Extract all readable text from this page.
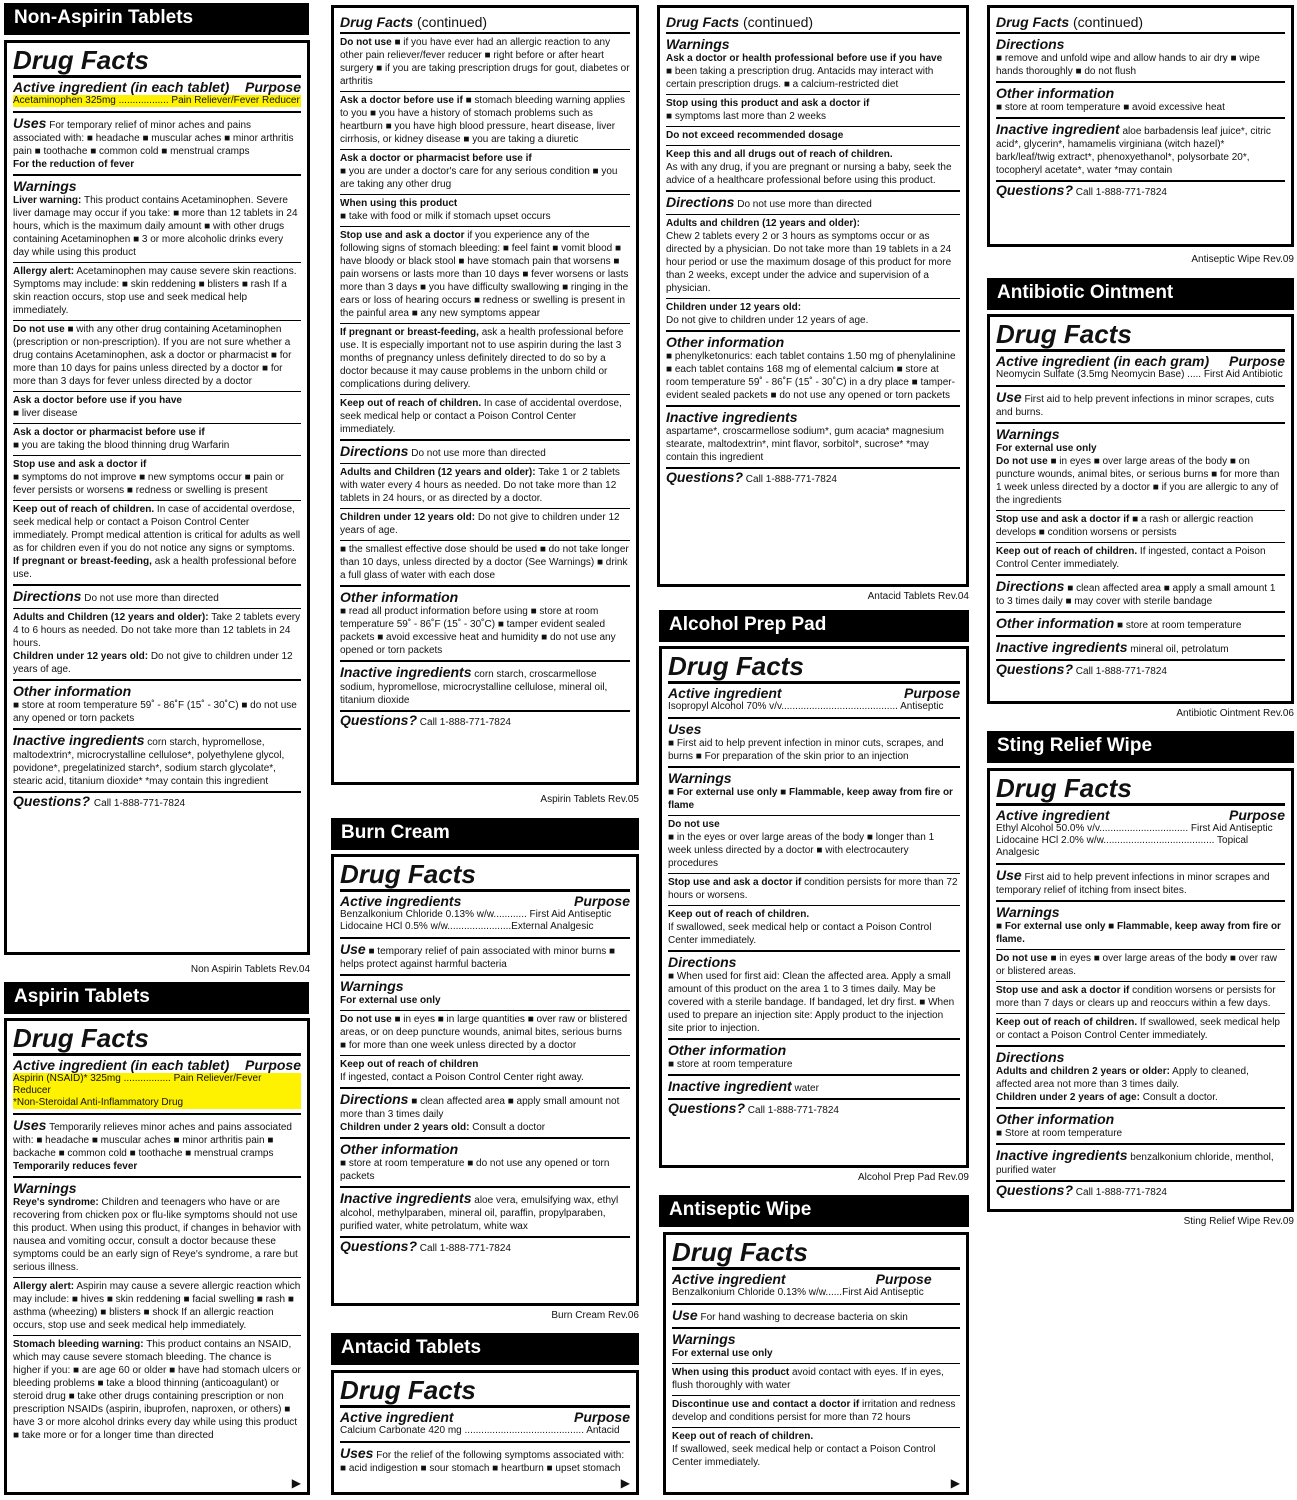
Non-Aspirin Tablets
Drug Facts
Active ingredient (in each tablet) Purpose
Acetaminophen 325mg .................. Pain Reliever/Fever Reducer
Uses For temporary relief of minor aches and pains associated with: ■ headache ■ muscular aches ■ minor arthritis pain ■ toothache ■ common cold ■ menstrual cramps

For the reduction of fever

Warnings

Liver warning: This product contains Acetaminophen. Severe liver damage may occur if you take: ■ more than 12 tablets in 24 hours, which is the maximum daily amount ■ with other drugs containing Acetaminophen ■ 3 or more alcoholic drinks every day while using this product
Allergy alert: Acetaminophen may cause severe skin reactions. Symptoms may include: ■ skin reddening ■ blisters ■ rash If a skin reaction occurs, stop use and seek medical help immediately.
Do not use ■ with any other drug containing Acetaminophen (prescription or non-prescription). If you are not sure whether a drug contains Acetaminophen, ask a doctor or pharmacist ■ for more than 10 days for pains unless directed by a doctor ■ for more than 3 days for fever unless directed by a doctor

Ask a doctor before use if you have

■ liver disease

Ask a doctor or pharmacist before use if

■ you are taking the blood thinning drug Warfarin

Stop use and ask a doctor if

■ symptoms do not improve ■ new symptoms occur ■ pain or fever persists or worsens ■ redness or swelling is present

Keep out of reach of children. In case of accidental overdose, seek medical help or contact a Poison Control Center immediately. Prompt medical attention is critical for adults as well as for children even if you do not notice any signs or symptoms.

If pregnant or breast-feeding, ask a health professional before use.

Directions Do not use more than directed
Adults and Children (12 years and older): Take 2 tablets every 4 to 6 hours as needed. Do not take more than 12 tablets in 24 hours.

Children under 12 years old: Do not give to children under 12 years of age.

Other information

■ store at room temperature 59˚ - 86˚F (15˚ - 30˚C) ■ do not use any opened or torn packets

Inactive ingredients corn starch, hypromellose, maltodextrin*, microcrystalline cellulose*, polyethylene glycol, povidone*, pregelatinized starch*, sodium starch glycolate*, stearic acid, titanium dioxide* *may contain this ingredient
Questions? Call 1-888-771-7824
Non Aspirin Tablets Rev.04
Aspirin Tablets
Drug Facts
Active ingredient (in each tablet) Purpose
Aspirin (NSAID)* 325mg ................. Pain Reliever/Fever Reducer
*Non-Steroidal Anti-Inflammatory Drug
Uses Temporarily relieves minor aches and pains associated with: ■ headache ■ muscular aches ■ minor arthritis pain ■ backache ■ common cold ■ toothache ■ menstrual cramps

Temporarily reduces fever

Warnings

Reye's syndrome: Children and teenagers who have or are recovering from chicken pox or flu-like symptoms should not use this product. When using this product, if changes in behavior with nausea and vomiting occur, consult a doctor because these symptoms could be an early sign of Reye's syndrome, a rare but serious illness.
Allergy alert: Aspirin may cause a severe allergic reaction which may include: ■ hives ■ skin reddening ■ facial swelling ■ rash ■ asthma (wheezing) ■ blisters ■ shock If an allergic reaction occurs, stop use and seek medical help immediately.
Stomach bleeding warning: This product contains an NSAID, which may cause severe stomach bleeding. The chance is higher if you: ■ are age 60 or older ■ have had stomach ulcers or bleeding problems ■ take a blood thinning (anticoagulant) or steroid drug ■ take other drugs containing prescription or non prescription NSAIDs (aspirin, ibuprofen, naproxen, or others) ■ have 3 or more alcohol drinks every day while using this product ■ take more or for a longer time than directed
▶
Drug Facts (continued)
Do not use ■ if you have ever had an allergic reaction to any other pain reliever/fever reducer ■ right before or after heart surgery ■ if you are taking prescription drugs for gout, diabetes or arthritis
Ask a doctor before use if ■ stomach bleeding warning applies to you ■ you have a history of stomach problems such as heartburn ■ you have high blood pressure, heart disease, liver cirrhosis, or kidney disease ■ you are taking a diuretic

Ask a doctor or pharmacist before use if

■ you are under a doctor's care for any serious condition ■ you are taking any other drug

When using this product

■ take with food or milk if stomach upset occurs

Stop use and ask a doctor if you experience any of the following signs of stomach bleeding: ■ feel faint ■ vomit blood ■ have bloody or black stool ■ have stomach pain that worsens ■ pain worsens or lasts more than 10 days ■ fever worsens or lasts more than 3 days ■ you have difficulty swallowing ■ ringing in the ears or loss of hearing occurs ■ redness or swelling is present in the painful area ■ any new symptoms appear
If pregnant or breast-feeding, ask a health professional before use. It is especially important not to use aspirin during the last 3 months of pregnancy unless definitely directed to do so by a doctor because it may cause problems in the unborn child or complications during delivery.
Keep out of reach of children. In case of accidental overdose, seek medical help or contact a Poison Control Center immediately.
Directions Do not use more than directed
Adults and Children (12 years and older): Take 1 or 2 tablets with water every 4 hours as needed. Do not take more than 12 tablets in 24 hours, or as directed by a doctor.
Children under 12 years old: Do not give to children under 12 years of age.
■ the smallest effective dose should be used ■ do not take longer than 10 days, unless directed by a doctor (See Warnings) ■ drink a full glass of water with each dose

Other information

■ read all product information before using ■ store at room temperature 59˚ - 86˚F (15˚ - 30˚C) ■ tamper evident sealed packets ■ avoid excessive heat and humidity ■ do not use any opened or torn packets

Inactive ingredients corn starch, croscarmellose sodium, hypromellose, microcrystalline cellulose, mineral oil, titanium dioxide
Questions? Call 1-888-771-7824
Aspirin Tablets Rev.05
Burn Cream
Drug Facts
Active ingredients	Purpose
Benzalkonium Chloride 0.13% w/w............ First Aid Antiseptic
Lidocaine HCl 0.5% w/w.......................External Analgesic
Use ■ temporary relief of pain associated with minor burns ■ helps protect against harmful bacteria

Warnings

For external use only

Do not use ■ in eyes ■ in large quantities ■ over raw or blistered areas, or on deep puncture wounds, animal bites, serious burns ■ for more than one week unless directed by a doctor

Keep out of reach of children

If ingested, contact a Poison Control Center right away.

Directions ■ clean affected area ■ apply small amount not more than 3 times daily

Children under 2 years old: Consult a doctor

Other information

■ store at room temperature ■ do not use any opened or torn packets

Inactive ingredients aloe vera, emulsifying wax, ethyl alcohol, methylparaben, mineral oil, paraffin, propylparaben, purified water, white petrolatum, white wax
Questions? Call 1-888-771-7824
Burn Cream Rev.06
Antacid Tablets
Drug Facts
Active ingredient	Purpose
Calcium Carbonate 420 mg ........................................... Antacid
Uses For the relief of the following symptoms associated with: ■ acid indigestion ■ sour stomach ■ heartburn ■ upset stomach
▶
Drug Facts (continued)

Warnings

Ask a doctor or health professional before use if you have

■ been taking a prescription drug. Antacids may interact with certain prescription drugs. ■ a calcium-restricted diet

Stop using this product and ask a doctor if

■ symptoms last more than 2 weeks

Do not exceed recommended dosage

Keep this and all drugs out of reach of children.

As with any drug, if you are pregnant or nursing a baby, seek the advice of a healthcare professional before using this product.

Directions Do not use more than directed

Adults and children (12 years and older):

Chew 2 tablets every 2 or 3 hours as symptoms occur or as directed by a physician. Do not take more than 19 tablets in a 24 hour period or use the maximum dosage of this product for more than 2 weeks, except under the advice and supervision of a physician.

Children under 12 years old:

Do not give to children under 12 years of age.

Other information

■ phenylketonurics: each tablet contains 1.50 mg of phenylalinine ■ each tablet contains 168 mg of elemental calcium ■ store at room temperature 59˚ - 86˚F (15˚ - 30˚C) in a dry place ■ tamper-evident sealed packets ■ do not use any opened or torn packets

Inactive ingredients

aspartame*, croscarmellose sodium*, gum acacia* magnesium stearate, maltodextrin*, mint flavor, sorbitol*, sucrose* *may contain this ingredient

Questions? Call 1-888-771-7824
Antacid Tablets Rev.04
Alcohol Prep Pad
Drug Facts
Active ingredient	Purpose
Isopropyl Alcohol 70% v/v.......................................... Antiseptic

Uses

■ First aid to help prevent infection in minor cuts, scrapes, and burns ■ For preparation of the skin prior to an injection

Warnings

■ For external use only ■ Flammable, keep away from fire or flame

Do not use

■ in the eyes or over large areas of the body ■ longer than 1 week unless directed by a doctor ■ with electrocautery procedures

Stop use and ask a doctor if condition persists for more than 72 hours or worsens.

Keep out of reach of children.

If swallowed, seek medical help or contact a Poison Control Center immediately.

Directions

■ When used for first aid: Clean the affected area. Apply a small amount of this product on the area 1 to 3 times daily. May be covered with a sterile bandage. If bandaged, let dry first. ■ When used to prepare an injection site: Apply product to the injection site prior to injection.

Other information

■ store at room temperature

Inactive ingredient water
Questions? Call 1-888-771-7824
Alcohol Prep Pad Rev.09
Antiseptic Wipe
Drug Facts
Active ingredient	Purpose
Benzalkonium Chloride 0.13% w/w......First Aid Antiseptic
Use For hand washing to decrease bacteria on skin

Warnings

For external use only

When using this product avoid contact with eyes. If in eyes, flush thoroughly with water
Discontinue use and contact a doctor if irritation and redness develop and conditions persist for more than 72 hours

Keep out of reach of children.

If swallowed, seek medical help or contact a Poison Control Center immediately.

▶
Drug Facts (continued)

Directions

■ remove and unfold wipe and allow hands to air dry ■ wipe hands thoroughly ■ do not flush

Other information

■ store at room temperature ■ avoid excessive heat

Inactive ingredient aloe barbadensis leaf juice*, citric acid*, glycerin*, hamamelis virginiana (witch hazel)* bark/leaf/twig extract*, phenoxyethanol*, polysorbate 20*, tocopheryl acetate*, water *may contain
Questions? Call 1-888-771-7824
Antiseptic Wipe Rev.09
Antibiotic Ointment
Drug Facts
Active ingredient (in each gram) Purpose
Neomycin Sulfate (3.5mg Neomycin Base) ..... First Aid Antibiotic
Use First aid to help prevent infections in minor scrapes, cuts and burns.

Warnings

For external use only

Do not use ■ in eyes ■ over large areas of the body ■ on puncture wounds, animal bites, or serious burns ■ for more than 1 week unless directed by a doctor ■ if you are allergic to any of the ingredients
Stop use and ask a doctor if ■ a rash or allergic reaction develops ■ condition worsens or persists
Keep out of reach of children. If ingested, contact a Poison Control Center immediately.
Directions ■ clean affected area ■ apply a small amount 1 to 3 times daily ■ may cover with sterile bandage
Other information ■ store at room temperature
Inactive ingredients mineral oil, petrolatum
Questions? Call 1-888-771-7824
Antibiotic Ointment Rev.06
Sting Relief Wipe
Drug Facts
Active ingredient	Purpose
Ethyl Alcohol 50.0% v/v................................ First Aid Antiseptic
Lidocaine HCl 2.0% w/w........................................ Topical Analgesic
Use First aid to help prevent infections in minor scrapes and temporary relief of itching from insect bites.

Warnings

■ For external use only ■ Flammable, keep away from fire or flame.

Do not use ■ in eyes ■ over large areas of the body ■ over raw or blistered areas.
Stop use and ask a doctor if condition worsens or persists for more than 7 days or clears up and reoccurs within a few days.
Keep out of reach of children. If swallowed, seek medical help or contact a Poison Control Center immediately.

Directions

Adults and children 2 years or older: Apply to cleaned, affected area not more than 3 times daily.

Children under 2 years of age: Consult a doctor.

Other information

■ Store at room temperature

Inactive ingredients benzalkonium chloride, menthol, purified water
Questions? Call 1-888-771-7824
Sting Relief Wipe Rev.09
